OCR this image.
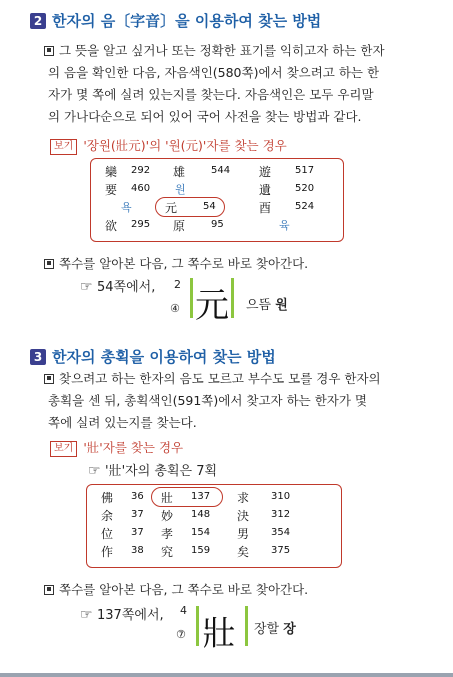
2 한자의 음〔字音〕을 이용하여 찾는 방법
그 뜻을 알고 싶거나 또는 정확한 표기를 익히고자 하는 한자
의 음을 확인한 다음, 자음색인(580쪽)에서 찾으려고 하는 한
자가 몇 쪽에 실려 있는지를 찾는다. 자음색인은 모두 우리말
의 가나다순으로 되어 있어 국어 사전을 찾는 방법과 같다.
보기 '장원(壯元)'의 '원(元)'자를 찾는 경우
欒 292 雄	544 遊 517
要 460 원	遺 520
욕	元	54	酉 524
欲 295 原	95	육
쪽수를 알아본 다음, 그 쪽수로 바로 찾아간다.
☞ 54쪽에서, 2
④ 元 으뜸 원
3 한자의 총획을 이용하여 찾는 방법
찾으려고 하는 한자의 음도 모르고 부수도 모를 경우 한자의
총획을 센 뒤, 총획색인(591쪽)에서 찾고자 하는 한자가 몇
쪽에 실려 있는지를 찾는다.
보기 '壯'자를 찾는 경우
☞ '壯'자의 총획은 7획
佛 36 壯 137 求 310
余 37 妙 148 決 312
位 37 孝 154 男 354
作 38 究 159 矣 375
쪽수를 알아본 다음, 그 쪽수로 바로 찾아간다.
☞ 137쪽에서, 4
⑦ 壯 장할 장
